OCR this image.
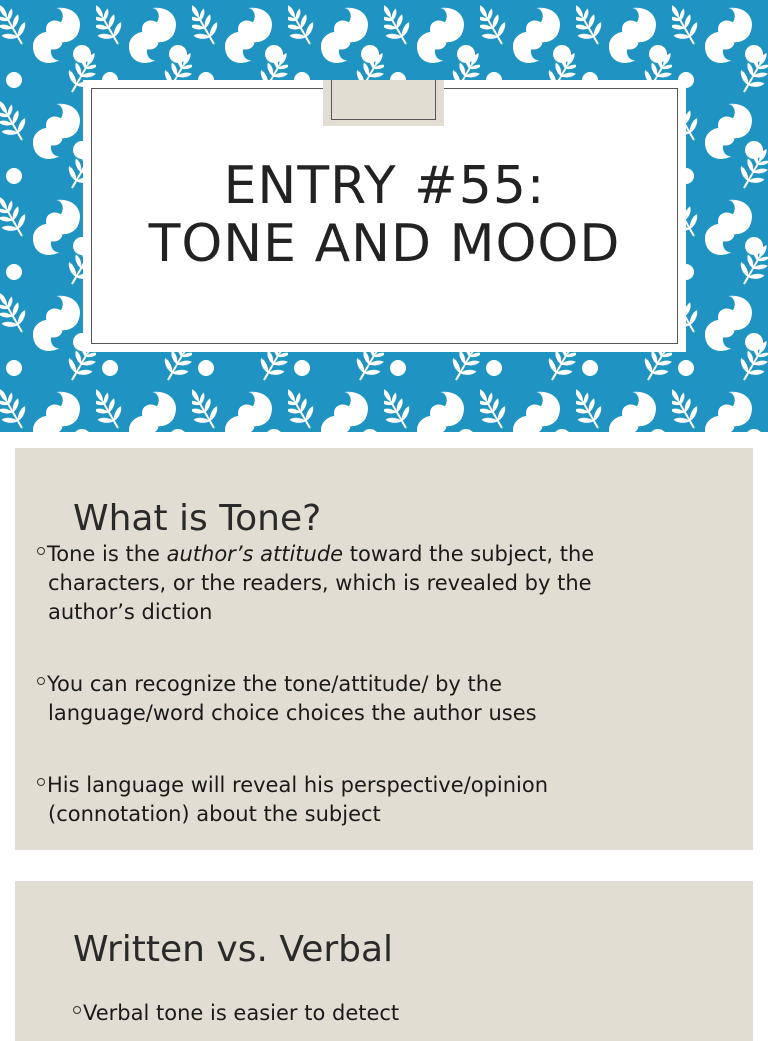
ENTRY #55:
TONE AND MOOD
What is Tone?
Tone is the author’s attitude toward the subject, the
characters, or the readers, which is revealed by the
author’s diction
You can recognize the tone/attitude/ by the
language/word choice choices the author uses
His language will reveal his perspective/opinion
(connotation) about the subject
Written vs. Verbal
Verbal tone is easier to detect
